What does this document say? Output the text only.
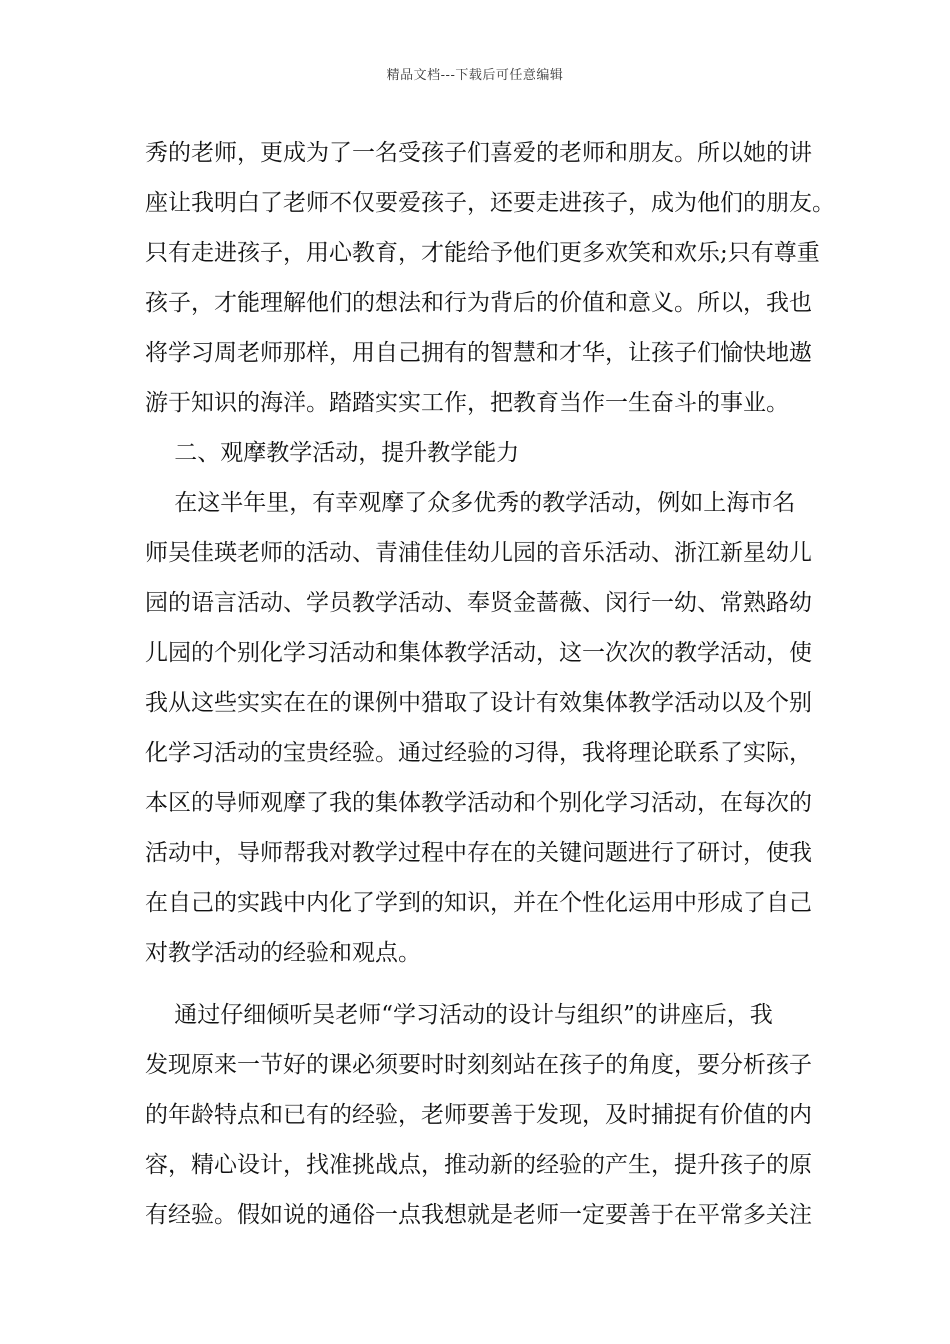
精品文档---下载后可任意编辑
秀的老师，更成为了一名受孩子们喜爱的老师和朋友。所以她的讲
座让我明白了老师不仅要爱孩子，还要走进孩子，成为他们的朋友。
只有走进孩子，用心教育，才能给予他们更多欢笑和欢乐;只有尊重
孩子，才能理解他们的想法和行为背后的价值和意义。所以，我也
将学习周老师那样，用自己拥有的智慧和才华，让孩子们愉快地遨
游于知识的海洋。踏踏实实工作，把教育当作一生奋斗的事业。
二、观摩教学活动，提升教学能力
在这半年里，有幸观摩了众多优秀的教学活动，例如上海市名
师吴佳瑛老师的活动、青浦佳佳幼儿园的音乐活动、浙江新星幼儿
园的语言活动、学员教学活动、奉贤金蔷薇、闵行一幼、常熟路幼
儿园的个别化学习活动和集体教学活动，这一次次的教学活动，使
我从这些实实在在的课例中猎取了设计有效集体教学活动以及个别
化学习活动的宝贵经验。通过经验的习得，我将理论联系了实际，
本区的导师观摩了我的集体教学活动和个别化学习活动，在每次的
活动中，导师帮我对教学过程中存在的关键问题进行了研讨，使我
在自己的实践中内化了学到的知识，并在个性化运用中形成了自己
对教学活动的经验和观点。
通过仔细倾听吴老师“学习活动的设计与组织”的讲座后，我
发现原来一节好的课必须要时时刻刻站在孩子的角度，要分析孩子
的年龄特点和已有的经验，老师要善于发现，及时捕捉有价值的内
容，精心设计，找准挑战点，推动新的经验的产生，提升孩子的原
有经验。假如说的通俗一点我想就是老师一定要善于在平常多关注
